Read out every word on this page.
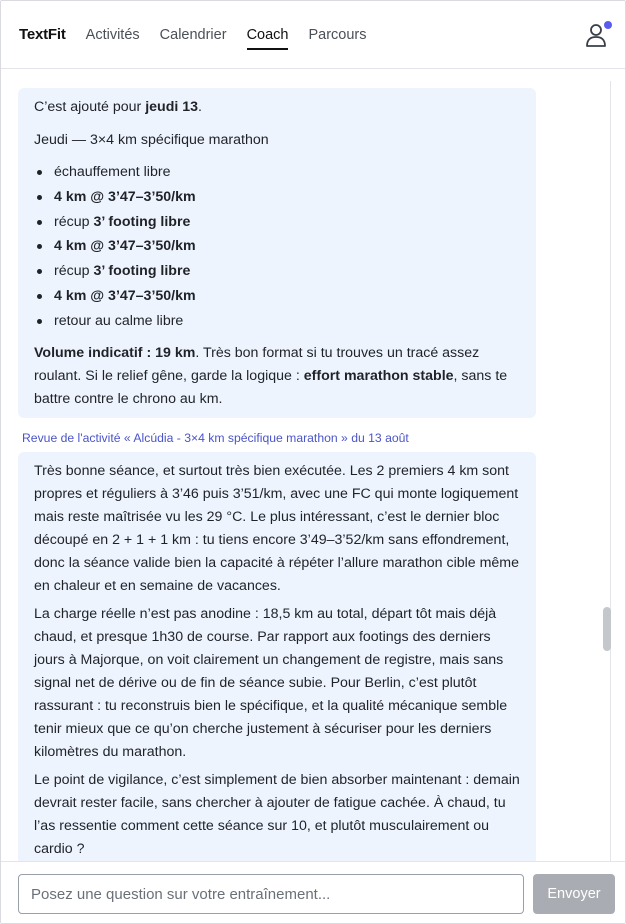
TextFit Activités Calendrier Coach Parcours

C’est ajouté pour jeudi 13.

Jeudi — 3×4 km spécifique marathon

échauffement libre
4 km @ 3’47–3’50/km
récup 3’ footing libre
4 km @ 3’47–3’50/km
récup 3’ footing libre
4 km @ 3’47–3’50/km
retour au calme libre

Volume indicatif : 19 km. Très bon format si tu trouves un tracé assez roulant. Si le relief gêne, garde la logique : effort marathon stable, sans te battre contre le chrono au km.

Revue de l'activité « Alcúdia - 3×4 km spécifique marathon » du 13 août

Très bonne séance, et surtout très bien exécutée. Les 2 premiers 4 km sont propres et réguliers à 3’46 puis 3’51/km, avec une FC qui monte logiquement mais reste maîtrisée vu les 29 °C. Le plus intéressant, c’est le dernier bloc découpé en 2 + 1 + 1 km : tu tiens encore 3’49–3’52/km sans effondrement, donc la séance valide bien la capacité à répéter l’allure marathon cible même en chaleur et en semaine de vacances.

La charge réelle n’est pas anodine : 18,5 km au total, départ tôt mais déjà chaud, et presque 1h30 de course. Par rapport aux footings des derniers jours à Majorque, on voit clairement un changement de registre, mais sans signal net de dérive ou de fin de séance subie. Pour Berlin, c’est plutôt rassurant : tu reconstruis bien le spécifique, et la qualité mécanique semble tenir mieux que ce qu’on cherche justement à sécuriser pour les derniers kilomètres du marathon.

Le point de vigilance, c’est simplement de bien absorber maintenant : demain devrait rester facile, sans chercher à ajouter de fatigue cachée. À chaud, tu l’as ressentie comment cette séance sur 10, et plutôt musculairement ou cardio ?

Posez une question sur votre entraînement...
Envoyer
